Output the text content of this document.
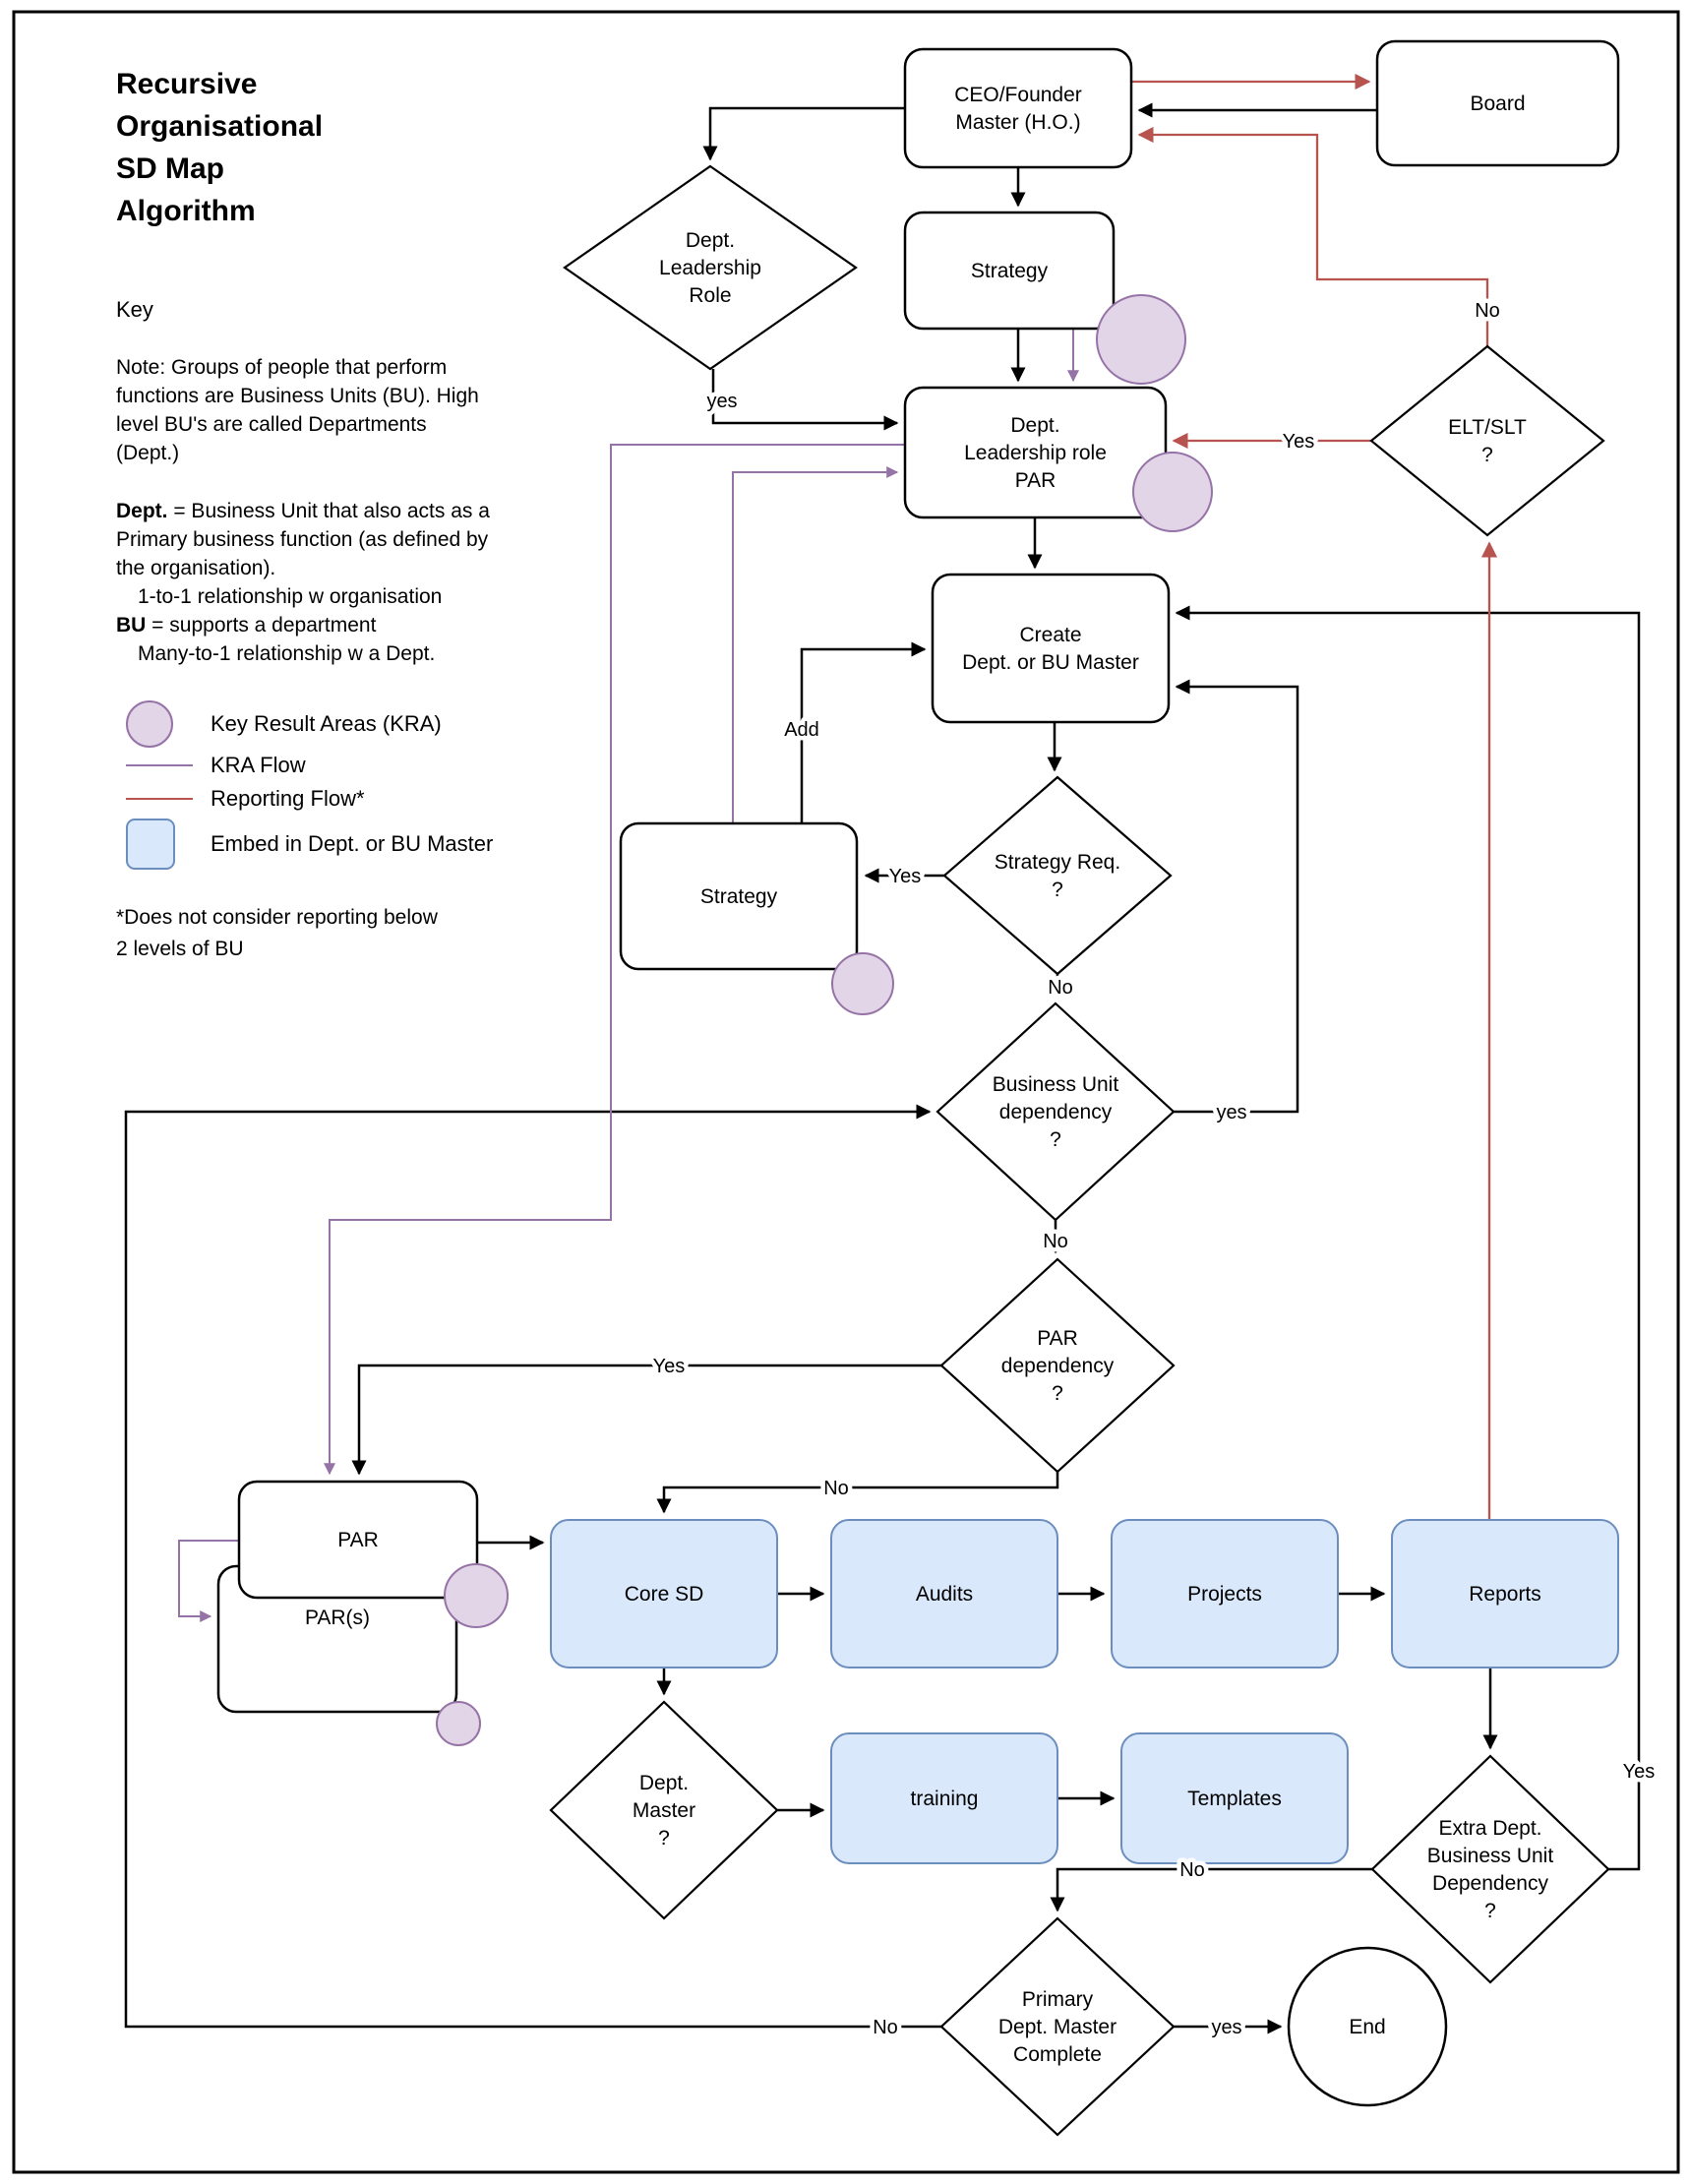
CEO/Founder Master (H.O.)
Board
Dept. Leadership Role
Strategy
ELT/SLT ?
Dept. Leadership role PAR
Create Dept. or BU Master
Strategy Req. ?
Strategy
Business Unit dependency ?
PAR dependency ?
PAR(s)
PAR
Core SD	Audits	Projects	Reports
Dept. Master ?
training	Templates
Extra Dept. Business Unit Dependency ?
Primary Dept. Master Complete
End
yes
No
Yes
Add
Yes
No
yes
No
Yes
No
Yes
No
yes
No
Recursive
Organisational
SD Map
Algorithm
Key
Note: Groups of people that perform
functions are Business Units (BU). High
level BU's are called Departments
(Dept.)
Dept. = Business Unit that also acts as a
Primary business function (as defined by
the organisation).
1-to-1 relationship w organisation
BU = supports a department
Many-to-1 relationship w a Dept.
Key Result Areas (KRA)
KRA Flow
Reporting Flow*
Embed in Dept. or BU Master
*Does not consider reporting below
2 levels of BU
